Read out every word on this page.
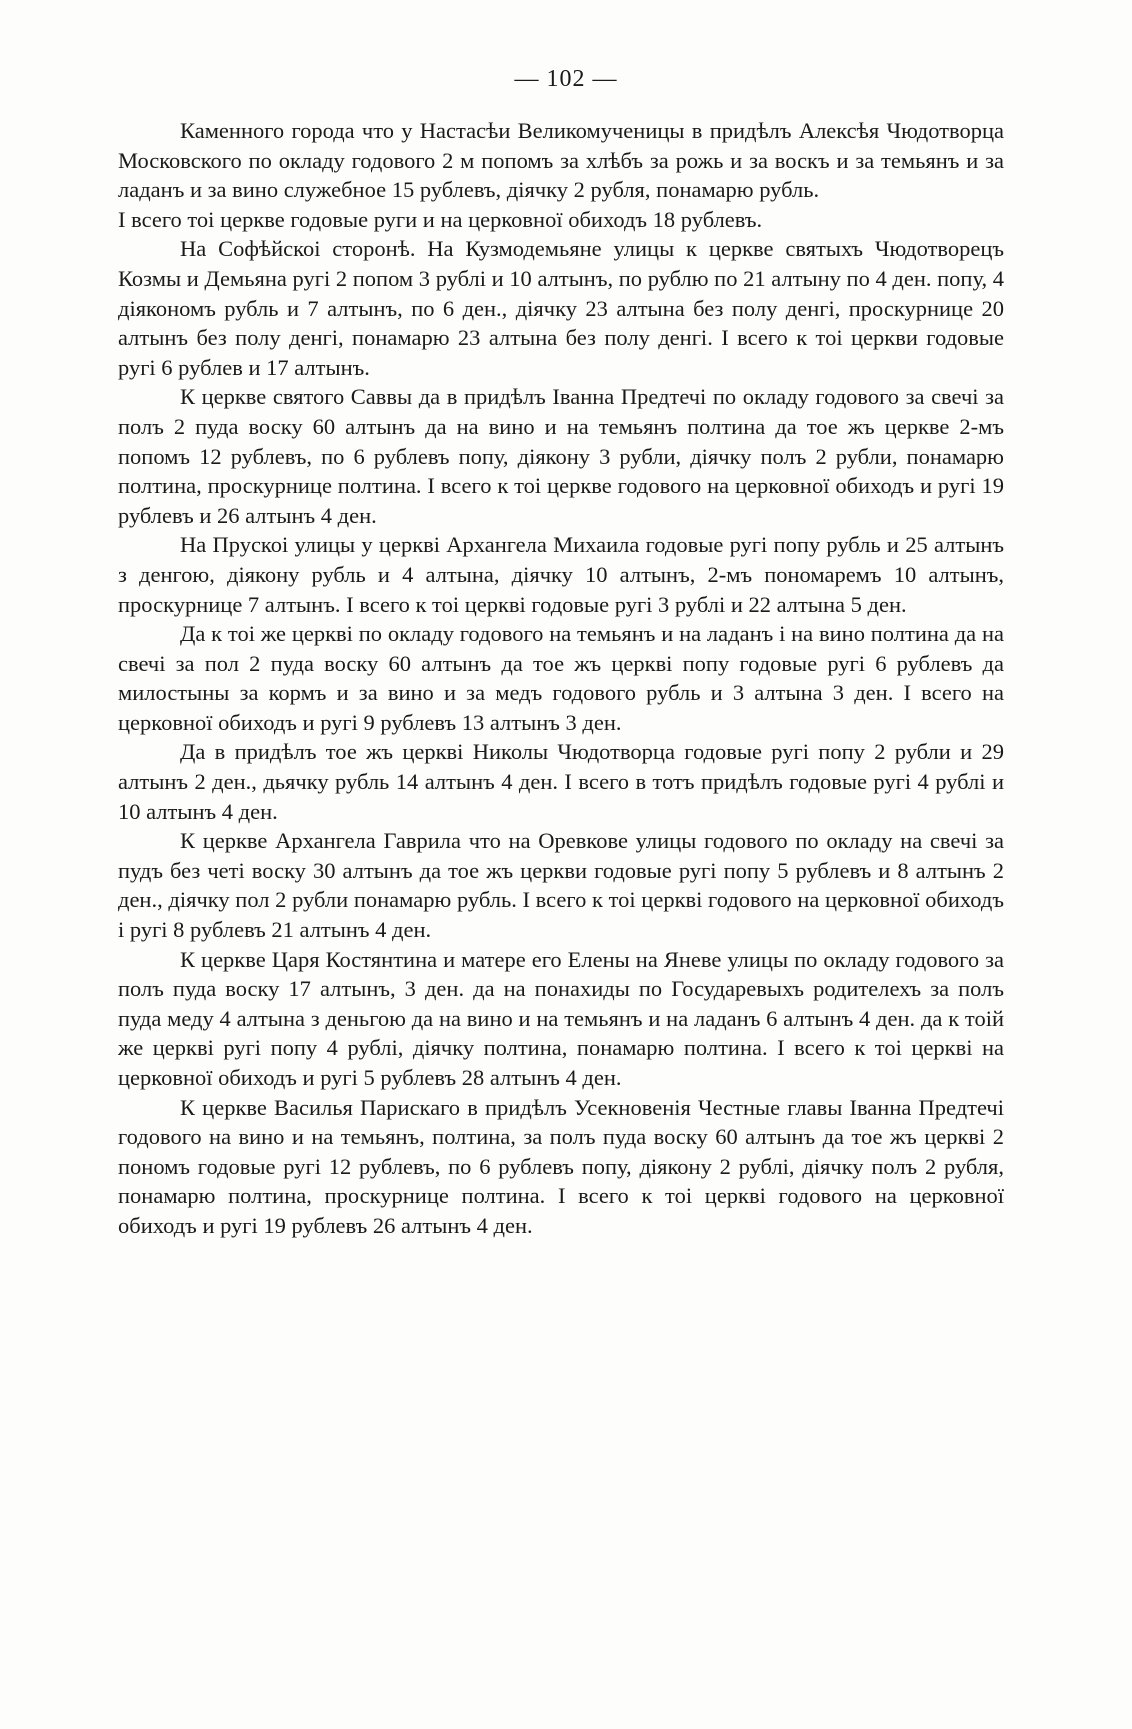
— 102 —

Каменного города что у Настасѣи Великомученицы в придѣлъ Алексѣя Чюдотворца Московского по окладу годового 2 м попомъ за хлѣбъ за рожь и за воскъ и за темьянъ и за ладанъ и за вино служебное 15 рублевъ, діячку 2 рубля, понамарю рубль.

І всего тоі церкве годовые руги и на церковної обиходъ 18 рублевъ.

На Софѣйскоі сторонѣ. На Кузмодемьяне улицы к церкве святыхъ Чюдотворецъ Козмы и Демьяна ругі 2 попом 3 рублі и 10 алтынъ, по рублю по 21 алтыну по 4 ден. попу, 4 діякономъ рубль и 7 алтынъ, по 6 ден., діячку 23 алтына без полу денгі, проскурнице 20 алтынъ без полу денгі, понамарю 23 алтына без полу денгі. І всего к тоі церкви годовые ругі 6 рублев и 17 алтынъ.

К церкве святого Саввы да в придѣлъ Іванна Предтечі по окладу годового за свечі за полъ 2 пуда воску 60 алтынъ да на вино и на темьянъ полтина да тое жъ церкве 2-мъ попомъ 12 рублевъ, по 6 рублевъ попу, діякону 3 рубли, діячку полъ 2 рубли, понамарю полтина, проскурнице полтина. І всего к тоі церкве годового на церковної обиходъ и ругі 19 рублевъ и 26 алтынъ 4 ден.

На Прускоі улицы у церкві Архангела Михаила годовые ругі попу рубль и 25 алтынъ з денгою, діякону рубль и 4 алтына, діячку 10 алтынъ, 2-мъ пономаремъ 10 алтынъ, проскурнице 7 алтынъ. І всего к тоі церкві годовые ругі 3 рублі и 22 алтына 5 ден.

Да к тоі же церкві по окладу годового на темьянъ и на ладанъ і на вино полтина да на свечі за пол 2 пуда воску 60 алтынъ да тое жъ церкві попу годовые ругі 6 рублевъ да милостыны за кормъ и за вино и за медъ годового рубль и 3 алтына 3 ден. І всего на церковної обиходъ и ругі 9 рублевъ 13 алтынъ 3 ден.

Да в придѣлъ тое жъ церкві Николы Чюдотворца годовые ругі попу 2 рубли и 29 алтынъ 2 ден., дьячку рубль 14 алтынъ 4 ден. І всего в тотъ придѣлъ годовые ругі 4 рублі и 10 алтынъ 4 ден.

К церкве Архангела Гаврила что на Оревкове улицы годового по окладу на свечі за пудъ без четі воску 30 алтынъ да тое жъ церкви годовые ругі попу 5 рублевъ и 8 алтынъ 2 ден., діячку пол 2 рубли понамарю рубль. І всего к тоі церкві годового на церковної обиходъ і ругі 8 рублевъ 21 алтынъ 4 ден.

К церкве Царя Костянтина и матере его Елены на Яневе улицы по окладу годового за полъ пуда воску 17 алтынъ, 3 ден. да на понахиды по Государевыхъ родителехъ за полъ пуда меду 4 алтына з деньгою да на вино и на темьянъ и на ладанъ 6 алтынъ 4 ден. да к тоій же церкві ругі попу 4 рублі, діячку полтина, понамарю полтина. І всего к тоі церкві на церковної обиходъ и ругі 5 рублевъ 28 алтынъ 4 ден.

К церкве Василья Парискаго в придѣлъ Усекновенія Честные главы Іванна Предтечі годового на вино и на темьянъ, полтина, за полъ пуда воску 60 алтынъ да тое жъ церкві 2 пономъ годовые ругі 12 рублевъ, по 6 рублевъ попу, діякону 2 рублі, діячку полъ 2 рубля, понамарю полтина, проскурнице полтина. І всего к тоі церкві годового на церковної обиходъ и ругі 19 рублевъ 26 алтынъ 4 ден.
